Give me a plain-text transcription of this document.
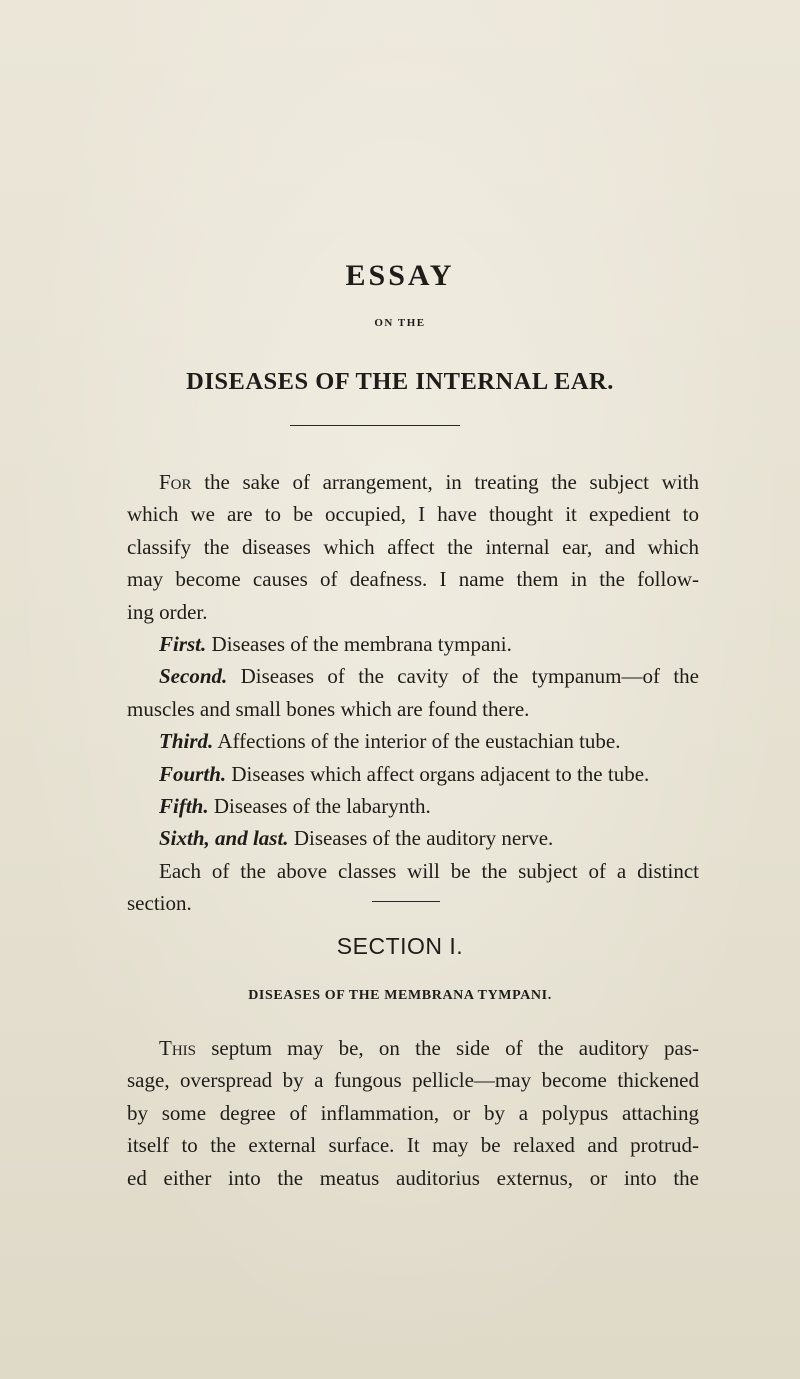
ESSAY
ON THE
DISEASES OF THE INTERNAL EAR.
For the sake of arrangement, in treating the subject with
which we are to be occupied, I have thought it expedient to
classify the diseases which affect the internal ear, and which
may become causes of deafness. I name them in the follow-
ing order.
First. Diseases of the membrana tympani.
Second. Diseases of the cavity of the tympanum—of the
muscles and small bones which are found there.
Third. Affections of the interior of the eustachian tube.
Fourth. Diseases which affect organs adjacent to the tube.
Fifth. Diseases of the labarynth.
Sixth, and last. Diseases of the auditory nerve.
Each of the above classes will be the subject of a distinct
section.
SECTION I.
DISEASES OF THE MEMBRANA TYMPANI.
This septum may be, on the side of the auditory pas-
sage, overspread by a fungous pellicle—may become thickened
by some degree of inflammation, or by a polypus attaching
itself to the external surface. It may be relaxed and protrud-
ed either into the meatus auditorius externus, or into the
